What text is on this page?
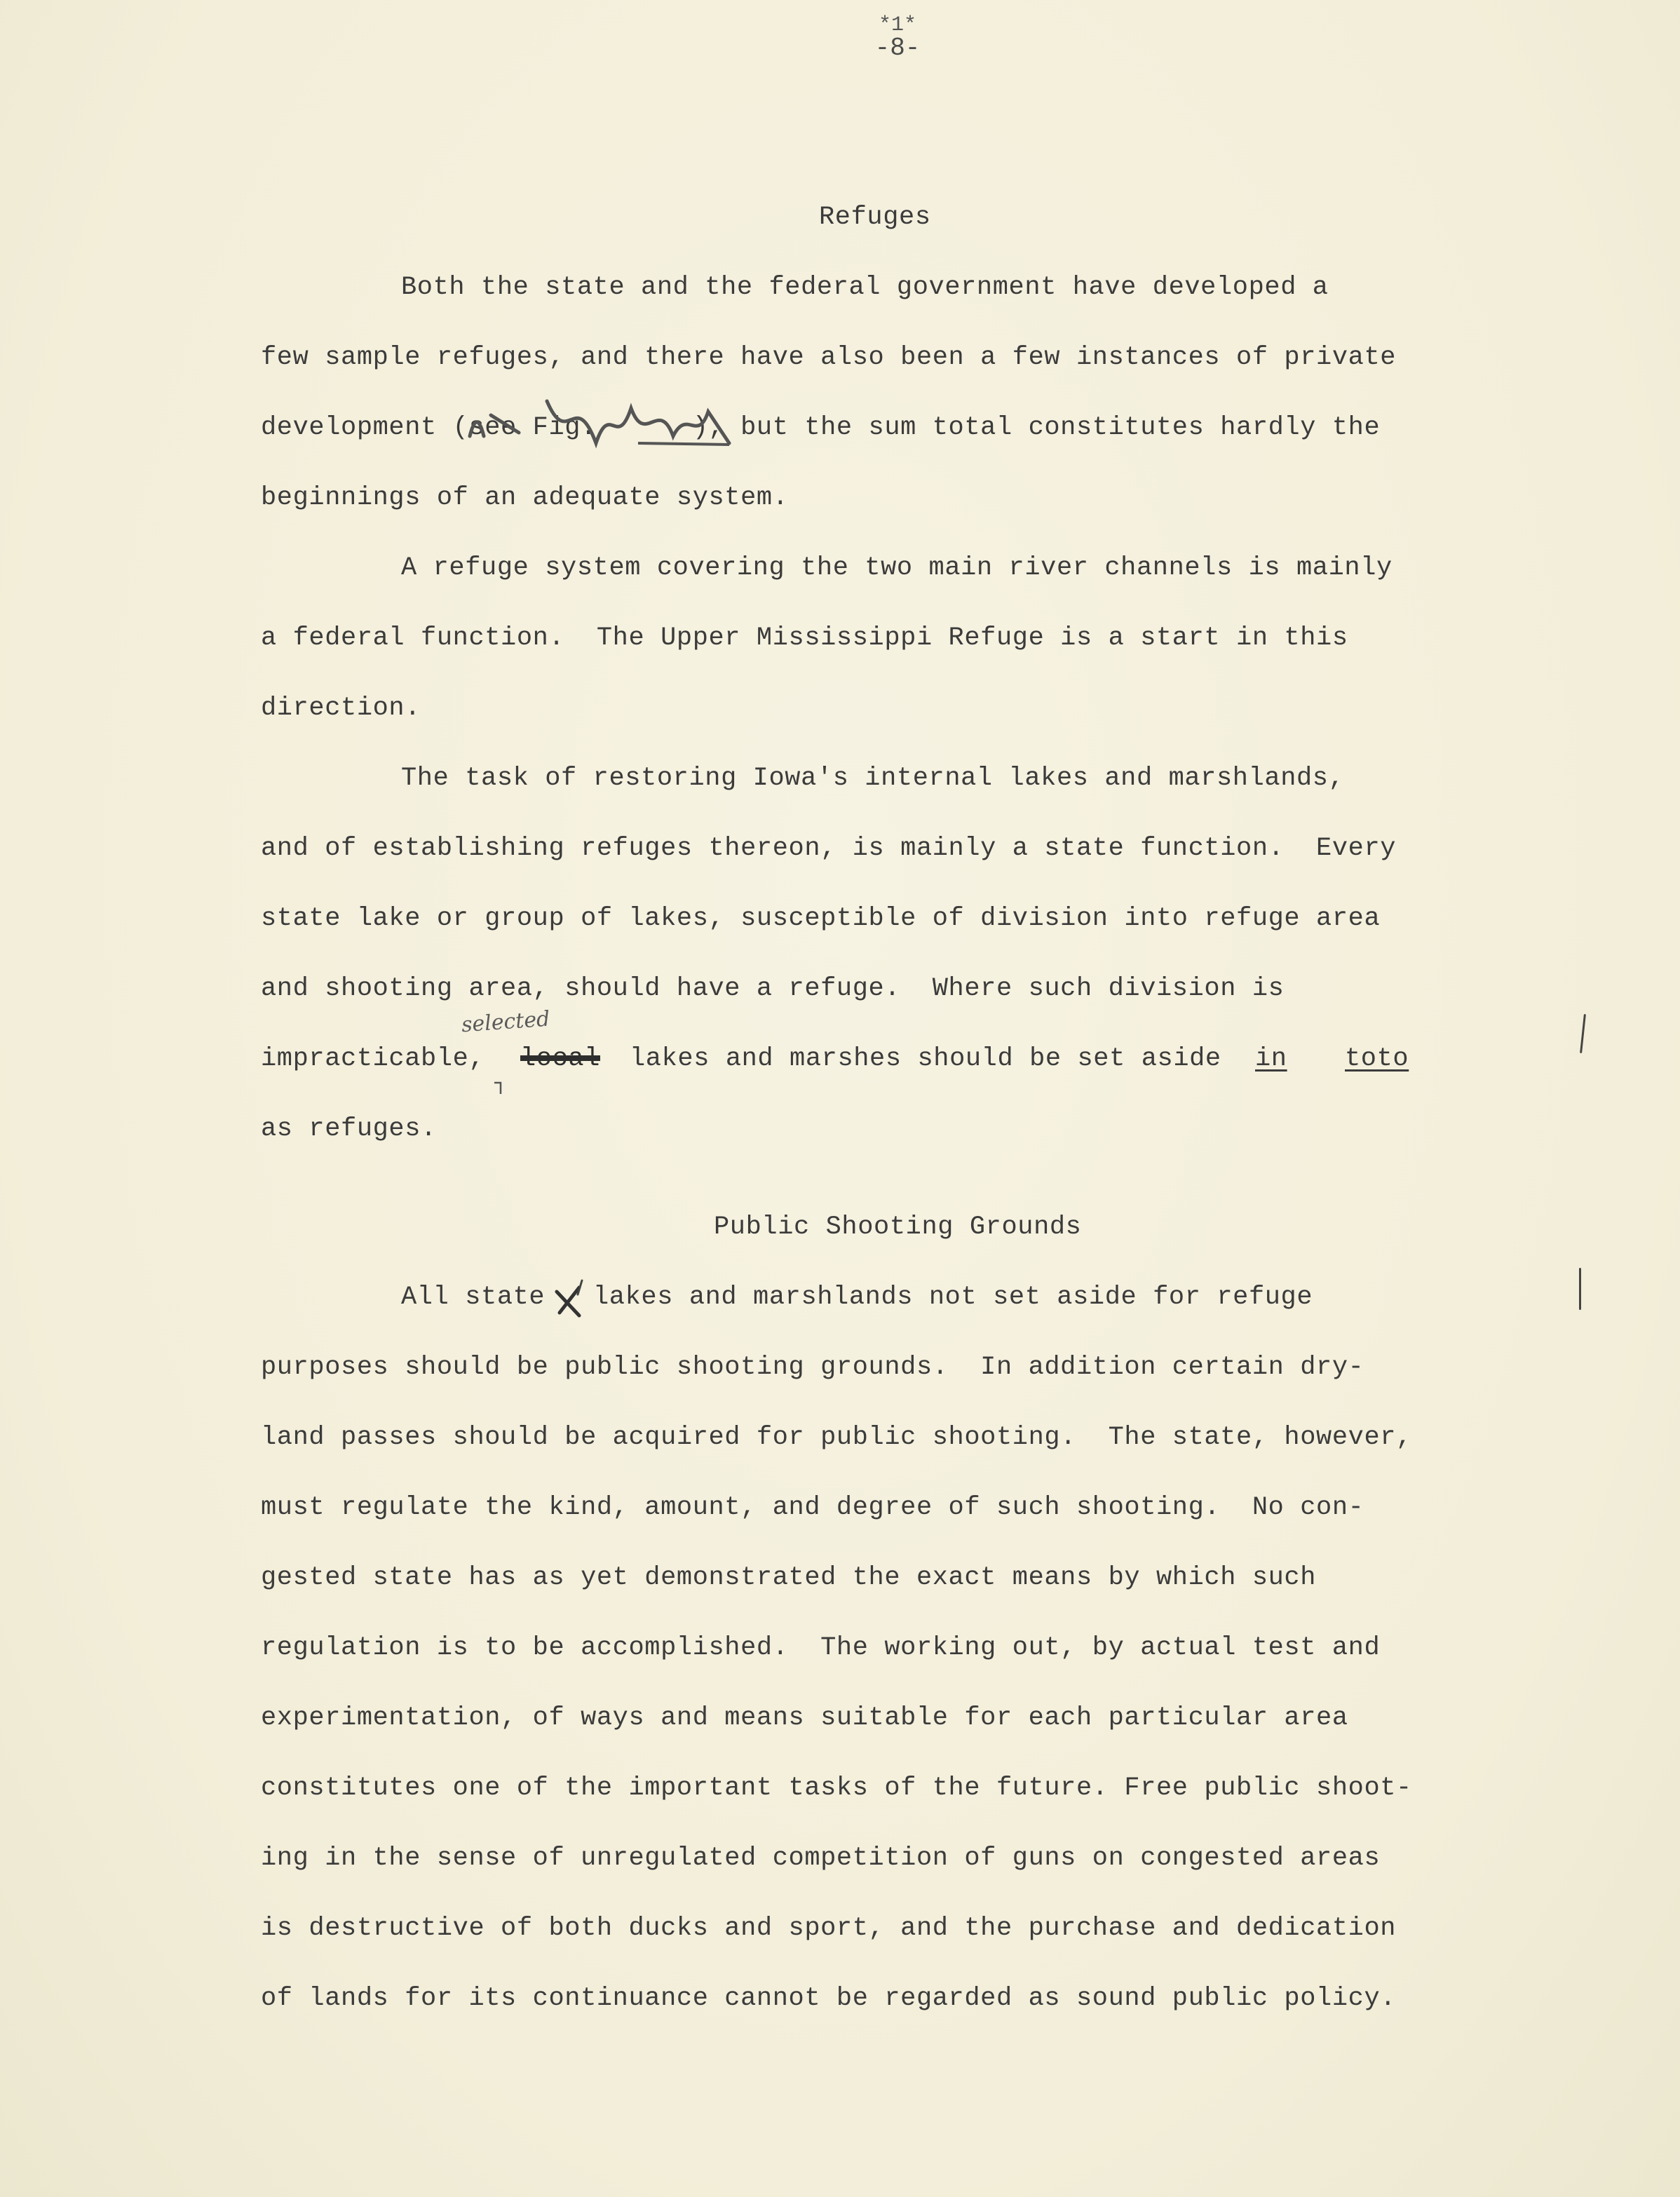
*1*
-8-
Refuges
Both the state and the federal government have developed a
few sample refuges, and there have also been a few instances of private
development (see Fig.      ), but the sum total constitutes hardly the
beginnings of an adequate system.
A refuge system covering the two main river channels is mainly
a federal function.  The Upper Mississippi Refuge is a start in this
direction.
The task of restoring Iowa's internal lakes and marshlands,
and of establishing refuges thereon, is mainly a state function.  Every
state lake or group of lakes, susceptible of division into refuge area
and shooting area, should have a refuge.  Where such division is
impracticable, local
selected
lakes and marshes should be set aside in toto
as refuges.
Public Shooting Grounds
All state lakes and marshlands not set aside for refuge
purposes should be public shooting grounds.  In addition certain dry-
land passes should be acquired for public shooting.  The state, however,
must regulate the kind, amount, and degree of such shooting.  No con-
gested state has as yet demonstrated the exact means by which such
regulation is to be accomplished.  The working out, by actual test and
experimentation, of ways and means suitable for each particular area
constitutes one of the important tasks of the future. Free public shoot-
ing in the sense of unregulated competition of guns on congested areas
is destructive of both ducks and sport, and the purchase and dedication
of lands for its continuance cannot be regarded as sound public policy.
